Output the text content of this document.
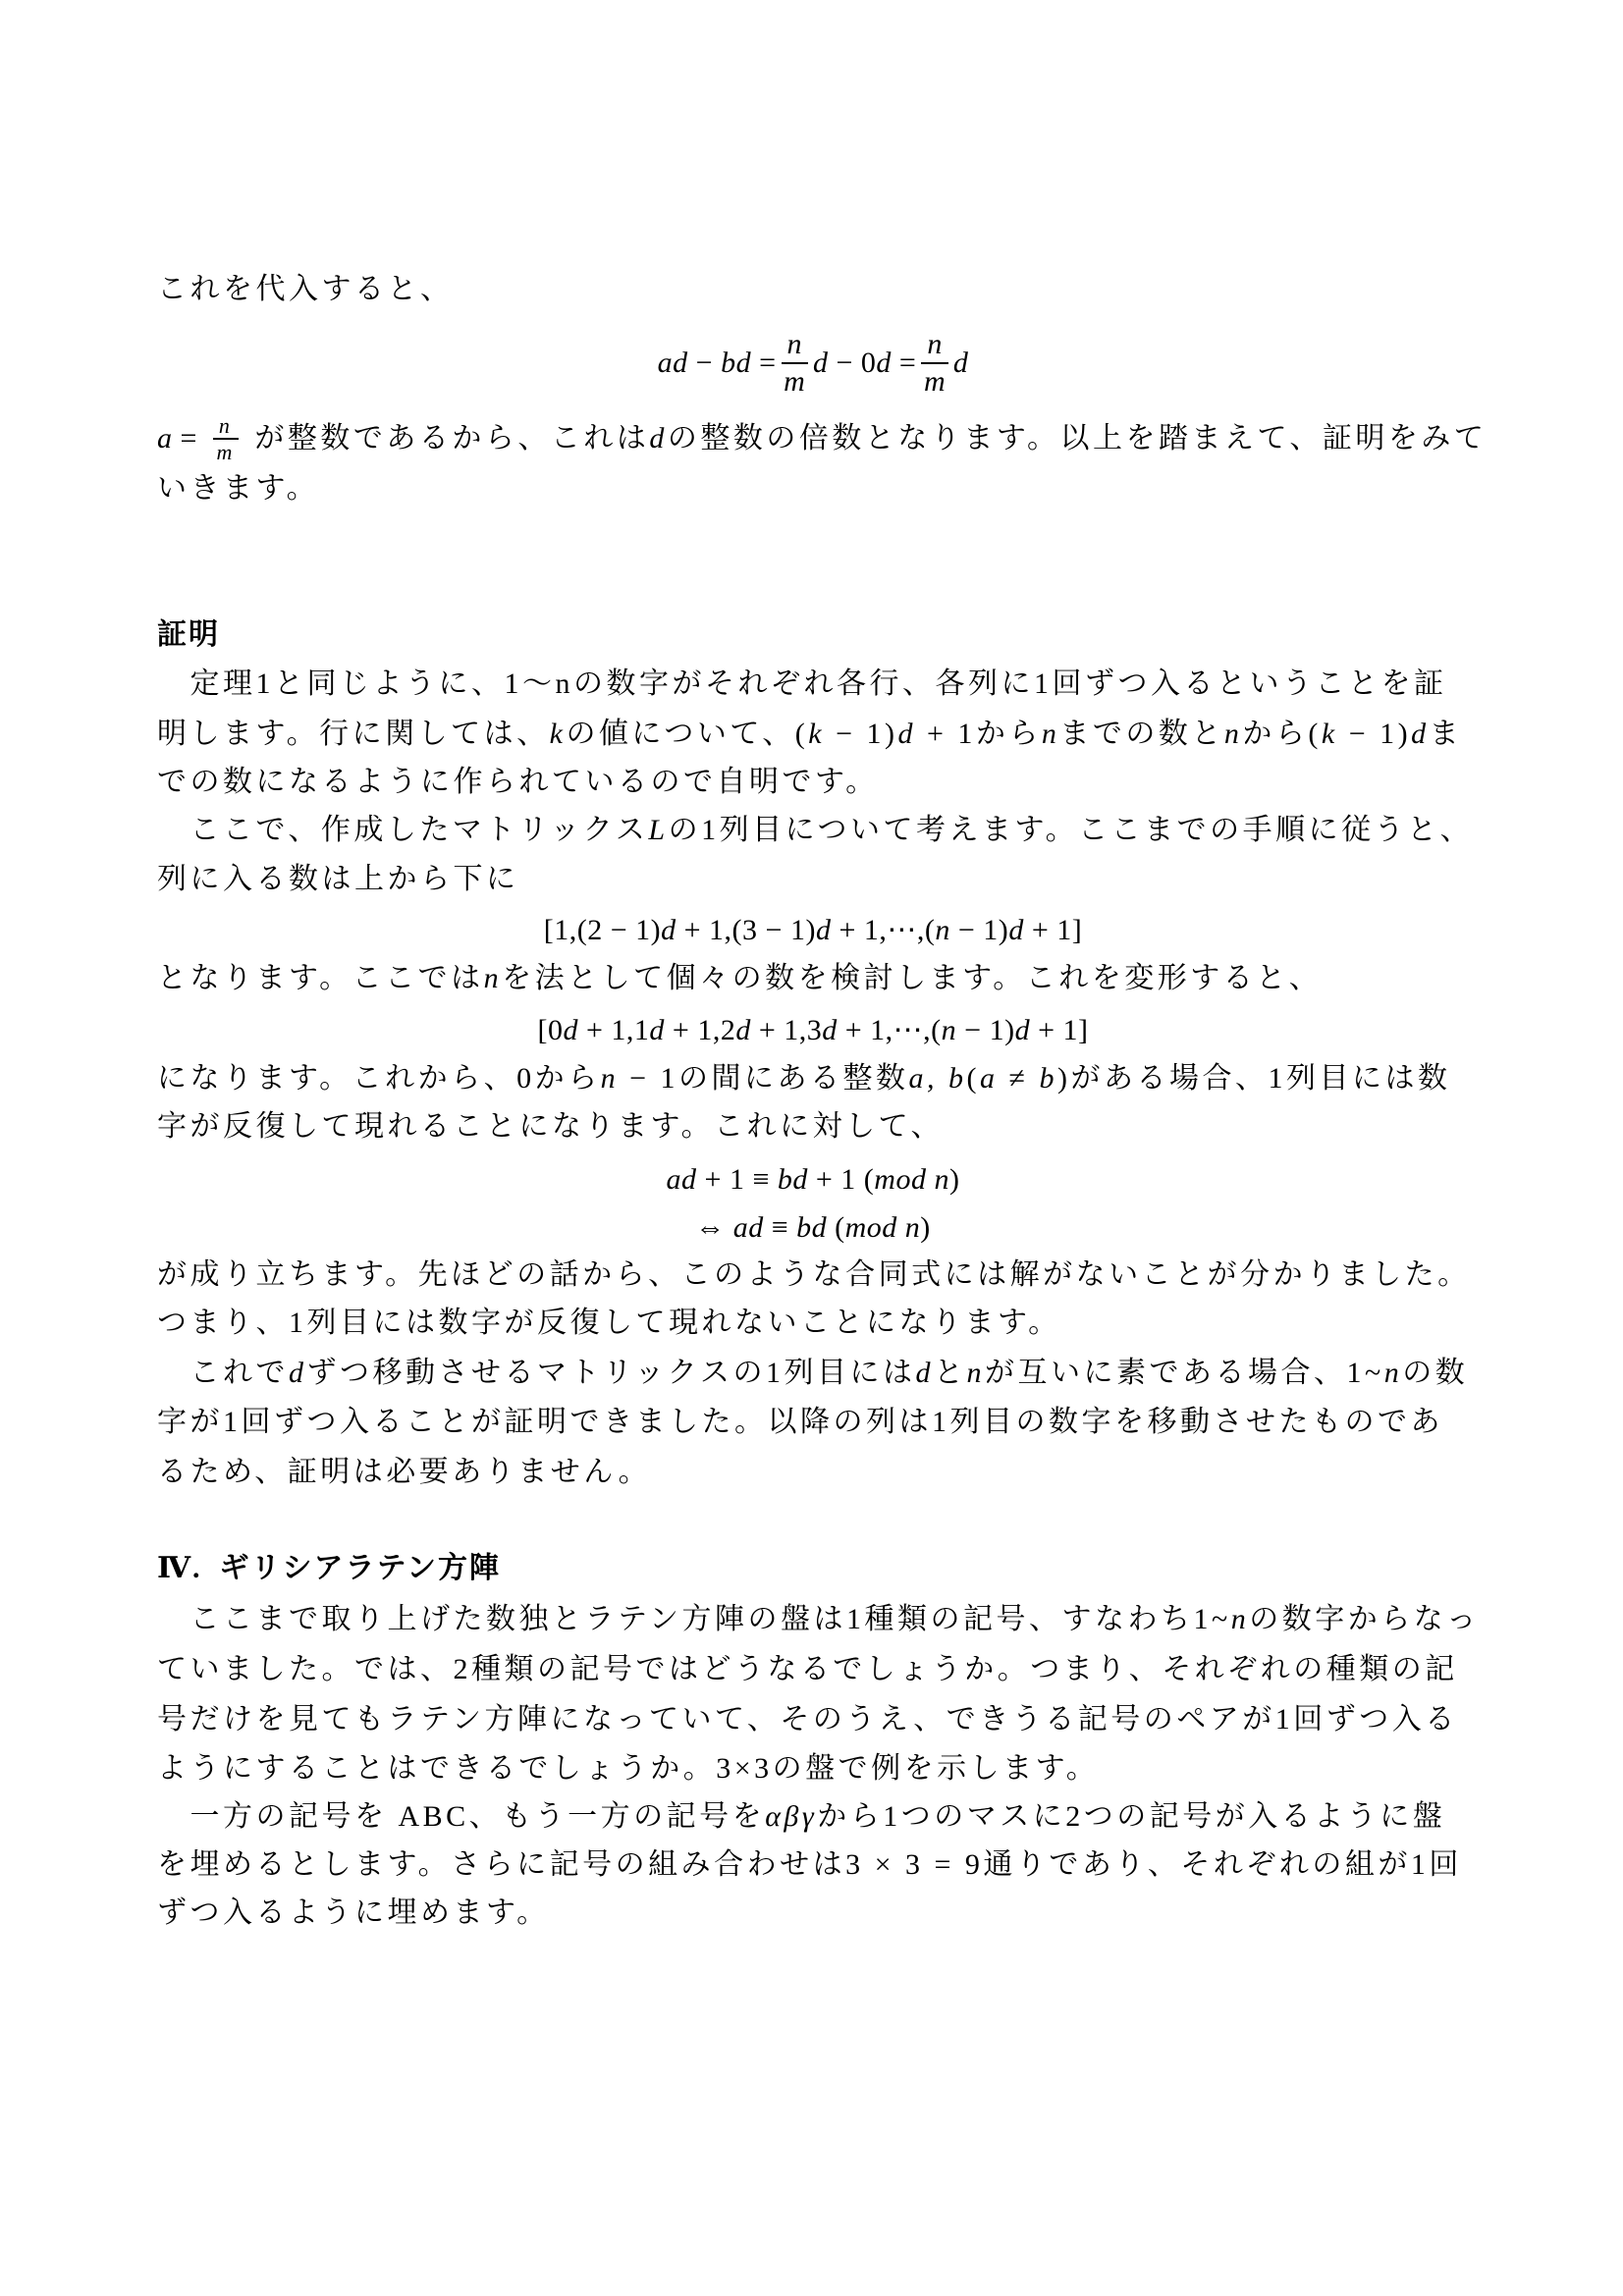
これを代入すると、
ad − bd = $\frac{n}{m}$ $d - 0d = \frac{n}{m}$ d
$a = \frac{n}{m}$ が整数であるから、これはdの整数の倍数となります。以上を踏まえて、証明をみて
いきます。
証明
　定理1と同じように、1～nの数字がそれぞれ各行、各列に1回ずつ入るということを証
明します。行に関しては、kの値について、(k − 1)d + 1からnまでの数とnから(k − 1)dま
での数になるように作られているので自明です。
　ここで、作成したマトリックスLの1列目について考えます。ここまでの手順に従うと、
列に入る数は上から下に
[1,(2 − 1)d + 1,(3 − 1)d + 1,⋯,(n − 1)d + 1]
となります。ここではnを法として個々の数を検討します。これを変形すると、
[0d + 1,1d + 1,2d + 1,3d + 1,⋯,(n − 1)d + 1]
になります。これから、0からn − 1の間にある整数a, b(a ≠ b)がある場合、1列目には数
字が反復して現れることになります。これに対して、
ad + 1 ≡ bd + 1 (mod n)
⇔ ad ≡ bd (mod n)
が成り立ちます。先ほどの話から、このような合同式には解がないことが分かりました。
つまり、1列目には数字が反復して現れないことになります。
　これでdずつ移動させるマトリックスの1列目にはdとnが互いに素である場合、1~nの数
字が1回ずつ入ることが証明できました。以降の列は1列目の数字を移動させたものであ
るため、証明は必要ありません。
Ⅳ. ギリシアラテン方陣
　ここまで取り上げた数独とラテン方陣の盤は1種類の記号、すなわち1~nの数字からなっ
ていました。では、2種類の記号ではどうなるでしょうか。つまり、それぞれの種類の記
号だけを見てもラテン方陣になっていて、そのうえ、できうる記号のペアが1回ずつ入る
ようにすることはできるでしょうか。3×3の盤で例を示します。
　一方の記号を ABC、もう一方の記号をαβγから1つのマスに2つの記号が入るように盤
を埋めるとします。さらに記号の組み合わせは3 × 3 = 9通りであり、それぞれの組が1回
ずつ入るように埋めます。
